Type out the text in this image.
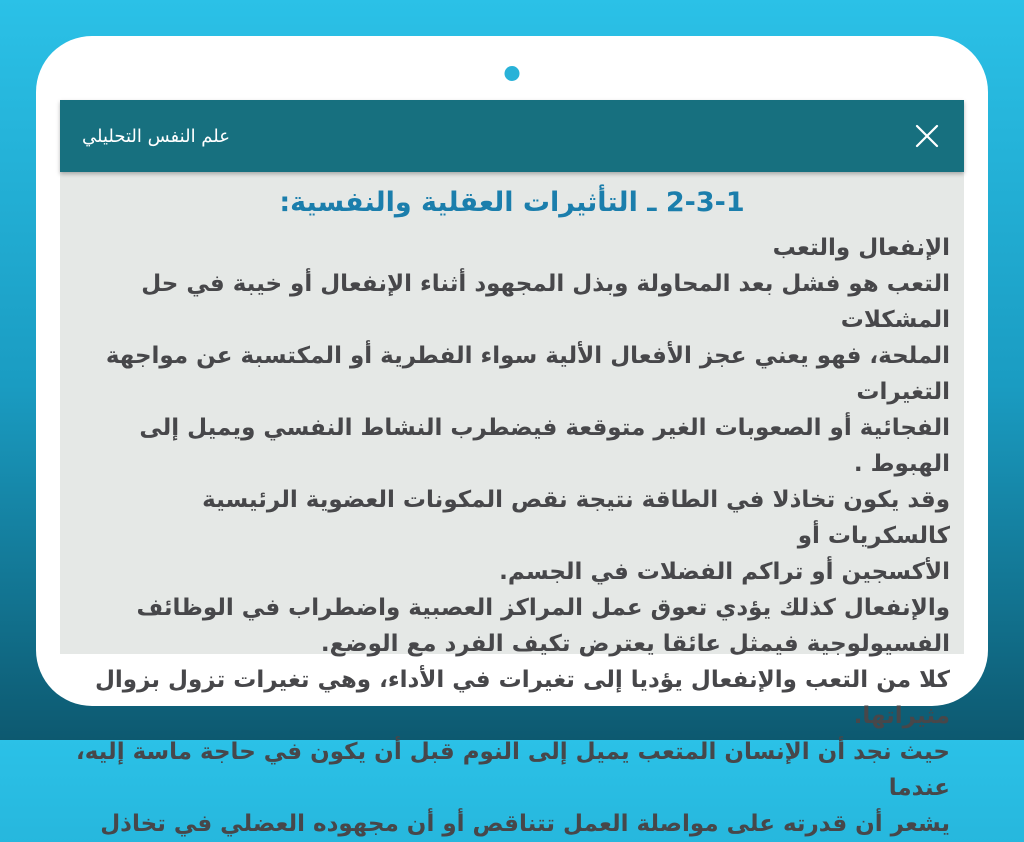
علم النفس التحليلي
2-3-1 ـ التأثيرات العقلية والنفسية:
الإنفعال والتعب
التعب هو فشل بعد المحاولة وبذل المجهود أثناء الإنفعال أو خيبة في حل المشكلات
الملحة، فهو يعني عجز الأفعال الألية سواء الفطرية أو المكتسبة عن مواجهة التغيرات
الفجائية أو الصعوبات الغير متوقعة فيضطرب النشاط النفسي ويميل إلى الهبوط .
وقد يكون تخاذلا في الطاقة نتيجة نقص المكونات العضوية الرئيسية كالسكريات أو
الأكسجين أو تراكم الفضلات في الجسم.
والإنفعال كذلك يؤدي تعوق عمل المراكز العصبية واضطراب في الوظائف
الفسيولوجية فيمثل عائقا يعترض تكيف الفرد مع الوضع.
كلا من التعب والإنفعال يؤديا إلى تغيرات في الأداء، وهي تغيرات تزول بزوال
مثيراتها.
حيث نجد أن الإنسان المتعب يميل إلى النوم قبل أن يكون في حاجة ماسة إليه، عندما
يشعر أن قدرته على مواصلة العمل تتناقص أو أن مجهوده العضلي في تخاذل
